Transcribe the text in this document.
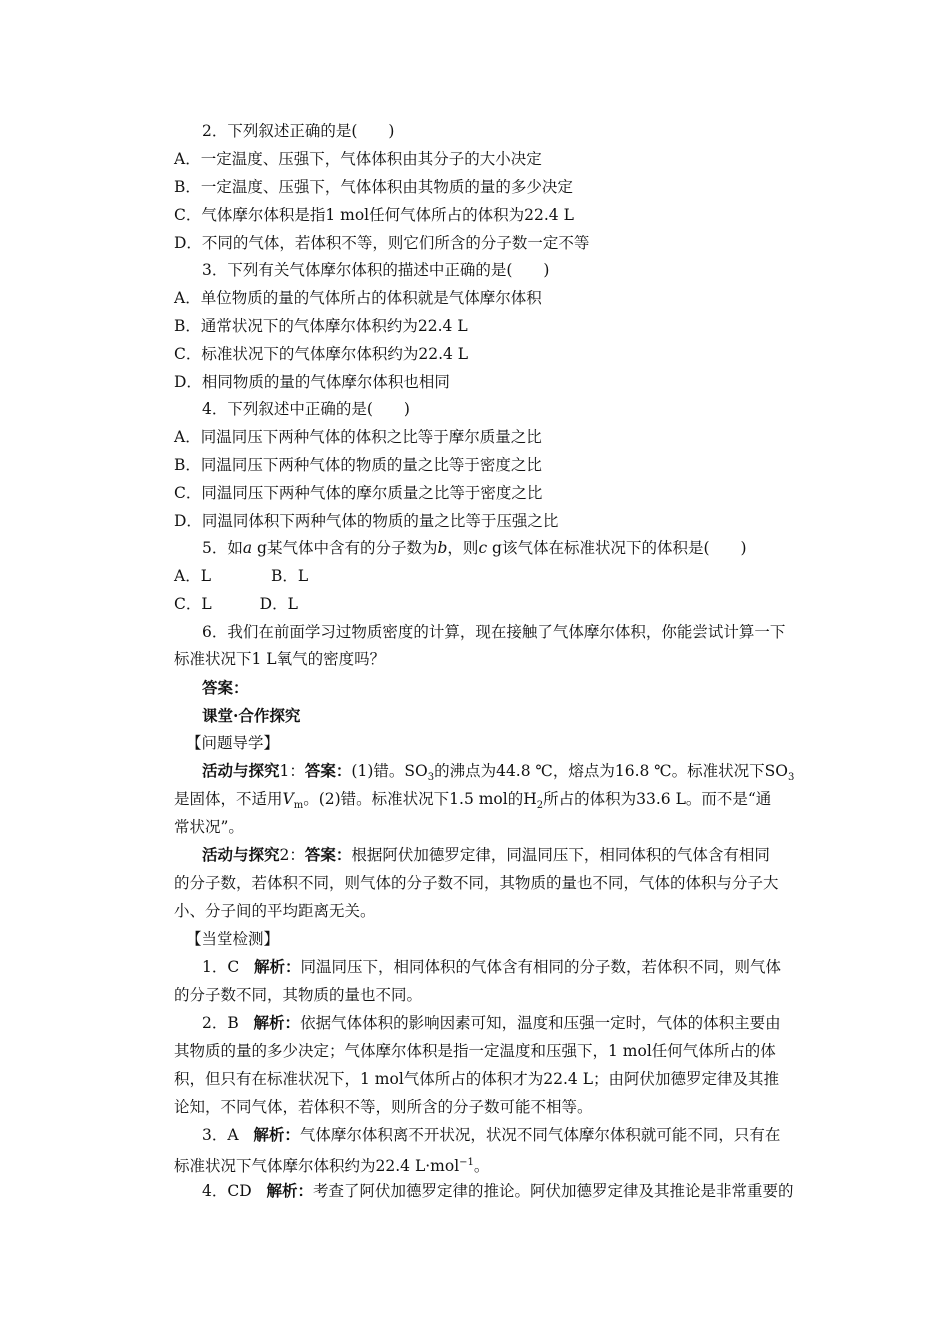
2．下列叙述正确的是(　　)
A．一定温度、压强下，气体体积由其分子的大小决定
B．一定温度、压强下，气体体积由其物质的量的多少决定
C．气体摩尔体积是指1 mol任何气体所占的体积为22.4 L
D．不同的气体，若体积不等，则它们所含的分子数一定不等
3．下列有关气体摩尔体积的描述中正确的是(　　)
A．单位物质的量的气体所占的体积就是气体摩尔体积
B．通常状况下的气体摩尔体积约为22.4 L
C．标准状况下的气体摩尔体积约为22.4 L
D．相同物质的量的气体摩尔体积也相同
4．下列叙述中正确的是(　　)
A．同温同压下两种气体的体积之比等于摩尔质量之比
B．同温同压下两种气体的物质的量之比等于密度之比
C．同温同压下两种气体的摩尔质量之比等于密度之比
D．同温同体积下两种气体的物质的量之比等于压强之比
5．如a g某气体中含有的分子数为b，则c g该气体在标准状况下的体积是(　　)
A．L	B．L
C．L	D．L
6．我们在前面学习过物质密度的计算，现在接触了气体摩尔体积，你能尝试计算一下
标准状况下1 L氧气的密度吗？
答案：
课堂·合作探究
【问题导学】
活动与探究1：答案：(1)错。$SO_3$的沸点为44.8 ℃，熔点为16.8 ℃。标准状况下$SO_3$
是固体，不适用$V_m$。(2)错。标准状况下1.5 mol的$H_2$所占的体积为33.6 L。而不是“通
常状况”。
活动与探究2：答案：根据阿伏加德罗定律，同温同压下，相同体积的气体含有相同
的分子数，若体积不同，则气体的分子数不同，其物质的量也不同，气体的体积与分子大
小、分子间的平均距离无关。
【当堂检测】
1．C 解析：同温同压下，相同体积的气体含有相同的分子数，若体积不同，则气体
的分子数不同，其物质的量也不同。
2．B 解析：依据气体体积的影响因素可知，温度和压强一定时，气体的体积主要由
其物质的量的多少决定；气体摩尔体积是指一定温度和压强下，1 mol任何气体所占的体
积，但只有在标准状况下，1 mol气体所占的体积才为22.4 L；由阿伏加德罗定律及其推
论知，不同气体，若体积不等，则所含的分子数可能不相等。
3．A 解析：气体摩尔体积离不开状况，状况不同气体摩尔体积就可能不同，只有在
标准状况下气体摩尔体积约为22.4 L·mol$^{-1}$。
4．CD 解析：考查了阿伏加德罗定律的推论。阿伏加德罗定律及其推论是非常重要的
